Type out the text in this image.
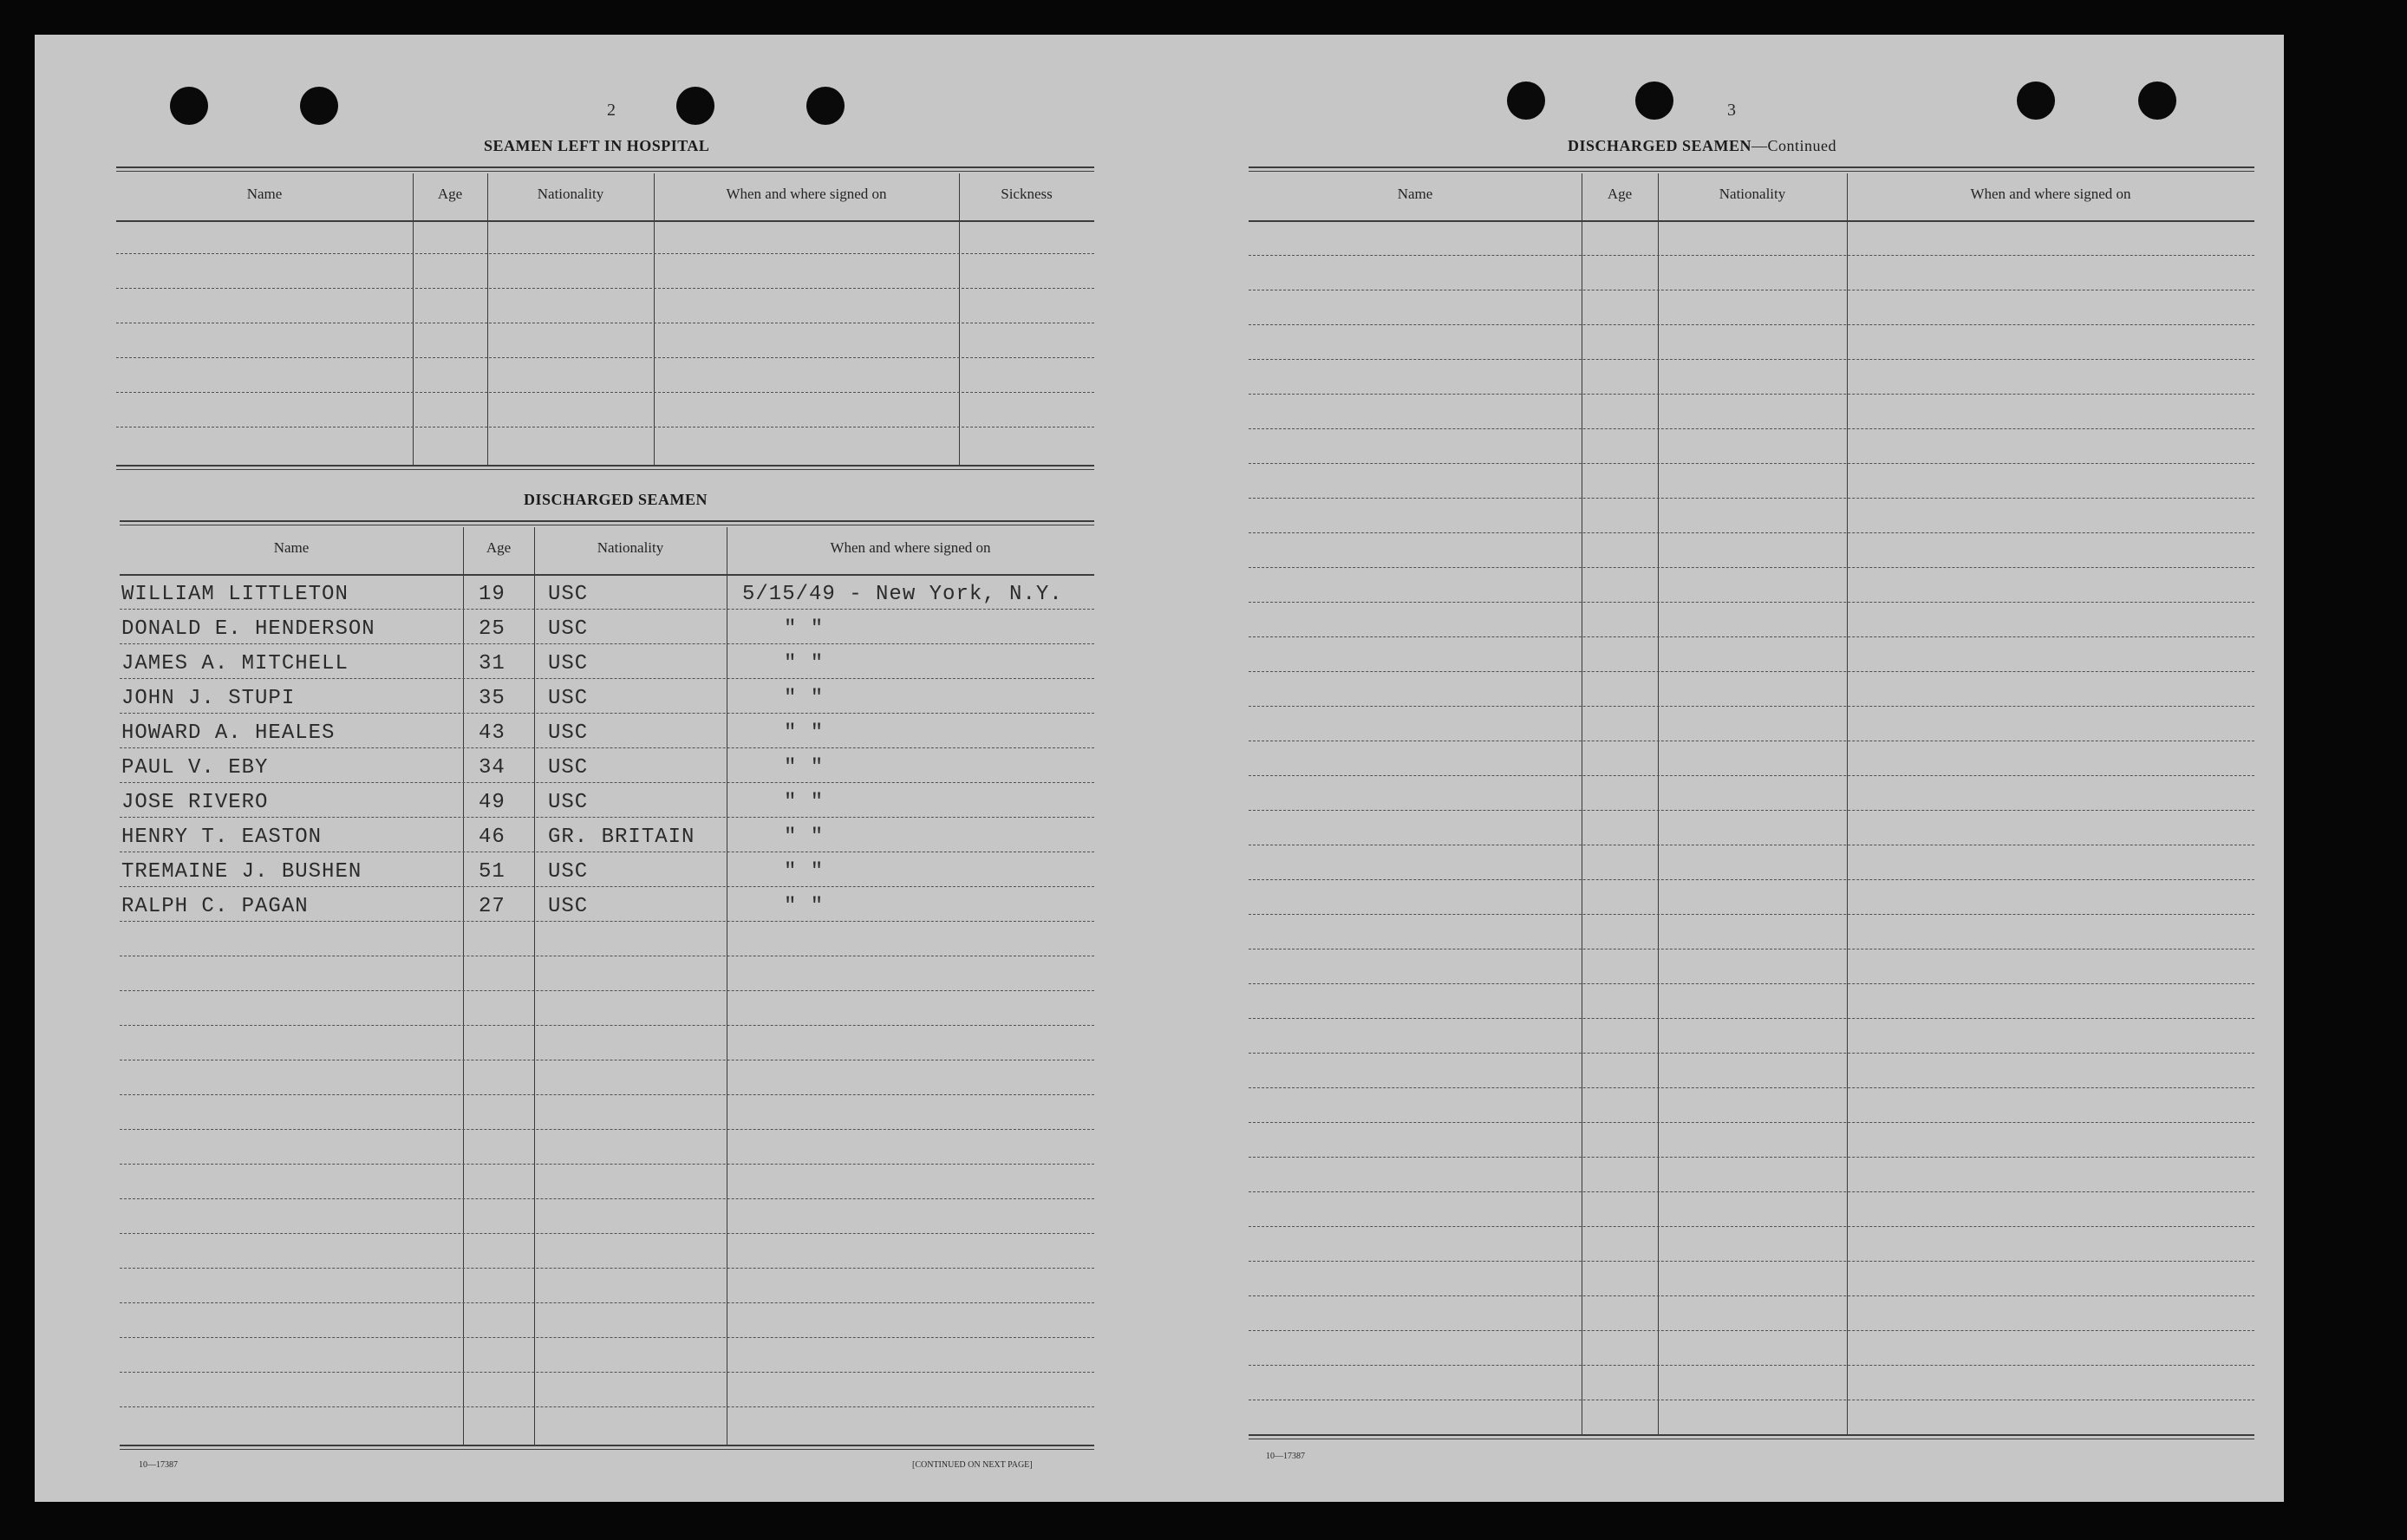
2
SEAMEN LEFT IN HOSPITAL
Name	Age	Nationality	When and where signed on	Sickness
DISCHARGED SEAMEN
Name	Age	Nationality	When and where signed on
WILLIAM LITTLETON	19 USC	5/15/49 - New York, N.Y.
DONALD E. HENDERSON	25 USC	" "
JAMES A. MITCHELL	31 USC	" "
JOHN J. STUPI	35 USC	" "
HOWARD A. HEALES	43 USC	" "
PAUL V. EBY	34 USC	" "
JOSE RIVERO	49 USC	" "
HENRY T. EASTON	46 GR. BRITAIN	" "
TREMAINE J. BUSHEN	51 USC	" "
RALPH C. PAGAN	27 USC	" "
10—17387	[CONTINUED ON NEXT PAGE]
3
DISCHARGED SEAMEN—Continued
Name	Age	Nationality	When and where signed on
10—17387
